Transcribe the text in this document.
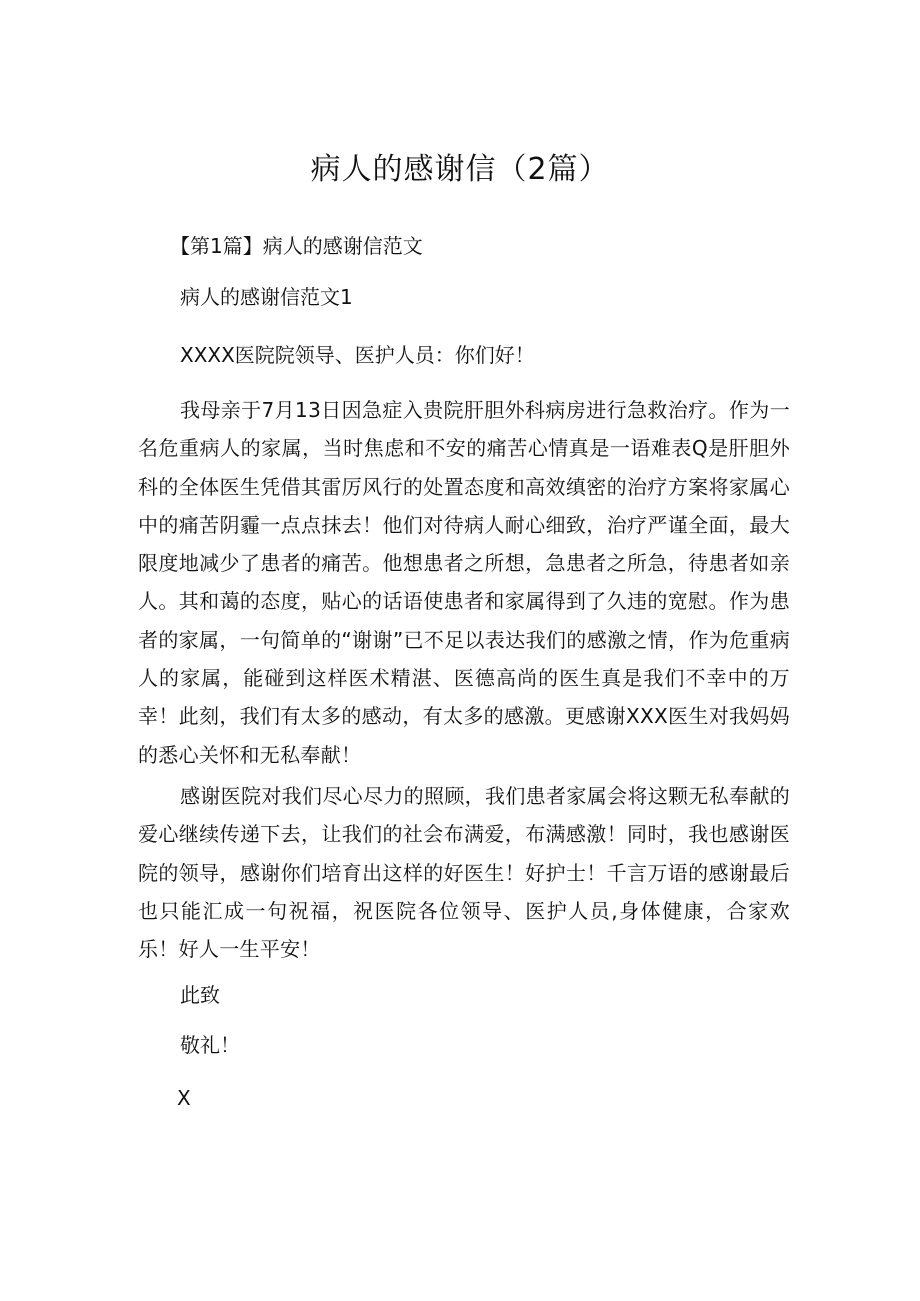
病人的感谢信（2篇）

【第1篇】病人的感谢信范文

病人的感谢信范文1

XXXX医院院领导、医护人员：你们好！

我母亲于7月13日因急症入贵院肝胆外科病房进行急救治疗。作为一名危重病人的家属，当时焦虑和不安的痛苦心情真是一语难表Q是肝胆外科的全体医生凭借其雷厉风行的处置态度和高效缜密的治疗方案将家属心中的痛苦阴霾一点点抹去！他们对待病人耐心细致，治疗严谨全面，最大限度地减少了患者的痛苦。他想患者之所想，急患者之所急，待患者如亲人。其和蔼的态度，贴心的话语使患者和家属得到了久违的宽慰。作为患者的家属，一句简单的“谢谢”已不足以表达我们的感激之情，作为危重病人的家属，能碰到这样医术精湛、医德高尚的医生真是我们不幸中的万幸！此刻，我们有太多的感动，有太多的感激。更感谢XXX医生对我妈妈的悉心关怀和无私奉献！

感谢医院对我们尽心尽力的照顾，我们患者家属会将这颗无私奉献的爱心继续传递下去，让我们的社会布满爱，布满感激！同时，我也感谢医院的领导，感谢你们培育出这样的好医生！好护士！千言万语的感谢最后也只能汇成一句祝福，祝医院各位领导、医护人员,身体健康，合家欢乐！好人一生平安！

此致

敬礼！

X
